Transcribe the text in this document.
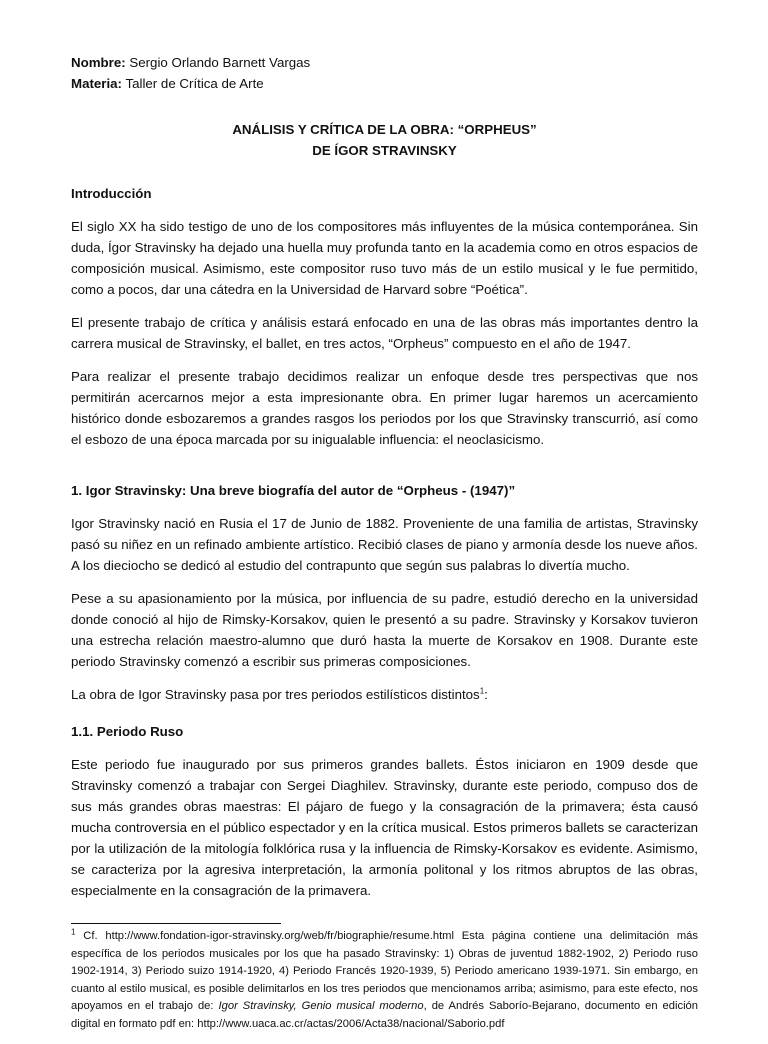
Nombre: Sergio Orlando Barnett Vargas

Materia: Taller de Crítica de Arte

ANÁLISIS Y CRÍTICA DE LA OBRA: “ORPHEUS”
DE ÍGOR STRAVINSKY

Introducción

El siglo XX ha sido testigo de uno de los compositores más influyentes de la música contemporánea. Sin duda, Ígor Stravinsky ha dejado una huella muy profunda tanto en la academia como en otros espacios de composición musical. Asimismo, este compositor ruso tuvo más de un estilo musical y le fue permitido, como a pocos, dar una cátedra en la Universidad de Harvard sobre “Poética”.

El presente trabajo de crítica y análisis estará enfocado en una de las obras más importantes dentro la carrera musical de Stravinsky, el ballet, en tres actos, “Orpheus” compuesto en el año de 1947.

Para realizar el presente trabajo decidimos realizar un enfoque desde tres perspectivas que nos permitirán acercarnos mejor a esta impresionante obra. En primer lugar haremos un acercamiento histórico donde esbozaremos a grandes rasgos los periodos por los que Stravinsky transcurrió, así como el esbozo de una época marcada por su inigualable influencia: el neoclasicismo.

1. Igor Stravinsky: Una breve biografía del autor de “Orpheus - (1947)”

Igor Stravinsky nació en Rusia el 17 de Junio de 1882. Proveniente de una familia de artistas, Stravinsky pasó su niñez en un refinado ambiente artístico. Recibió clases de piano y armonía desde los nueve años. A los dieciocho se dedicó al estudio del contrapunto que según sus palabras lo divertía mucho.

Pese a su apasionamiento por la música, por influencia de su padre, estudió derecho en la universidad donde conoció al hijo de Rimsky-Korsakov, quien le presentó a su padre. Stravinsky y Korsakov tuvieron una estrecha relación maestro-alumno que duró hasta la muerte de Korsakov en 1908. Durante este periodo Stravinsky comenzó a escribir sus primeras composiciones.

La obra de Igor Stravinsky pasa por tres periodos estilísticos distintos$^1$:

1.1. Periodo Ruso

Este periodo fue inaugurado por sus primeros grandes ballets. Éstos iniciaron en 1909 desde que Stravinsky comenzó a trabajar con Sergei Diaghilev. Stravinsky, durante este periodo, compuso dos de sus más grandes obras maestras: El pájaro de fuego y la consagración de la primavera; ésta causó mucha controversia en el público espectador y en la crítica musical. Estos primeros ballets se caracterizan por la utilización de la mitología folklórica rusa y la influencia de Rimsky-Korsakov es evidente. Asimismo, se caracteriza por la agresiva interpretación, la armonía politonal y los ritmos abruptos de las obras, especialmente en la consagración de la primavera.

$^1$ Cf. http://www.fondation-igor-stravinsky.org/web/fr/biographie/resume.html Esta página contiene una delimitación más específica de los periodos musicales por los que ha pasado Stravinsky: 1) Obras de juventud 1882-1902, 2) Periodo ruso 1902-1914, 3) Periodo suizo 1914-1920, 4) Periodo Francés 1920-1939, 5) Periodo americano 1939-1971. Sin embargo, en cuanto al estilo musical, es posible delimitarlos en los tres periodos que mencionamos arriba; asimismo, para este efecto, nos apoyamos en el trabajo de: Igor Stravinsky, Genio musical moderno, de Andrés Saborío-Bejarano, documento en edición digital en formato pdf en: http://www.uaca.ac.cr/actas/2006/Acta38/nacional/Saborio.pdf
